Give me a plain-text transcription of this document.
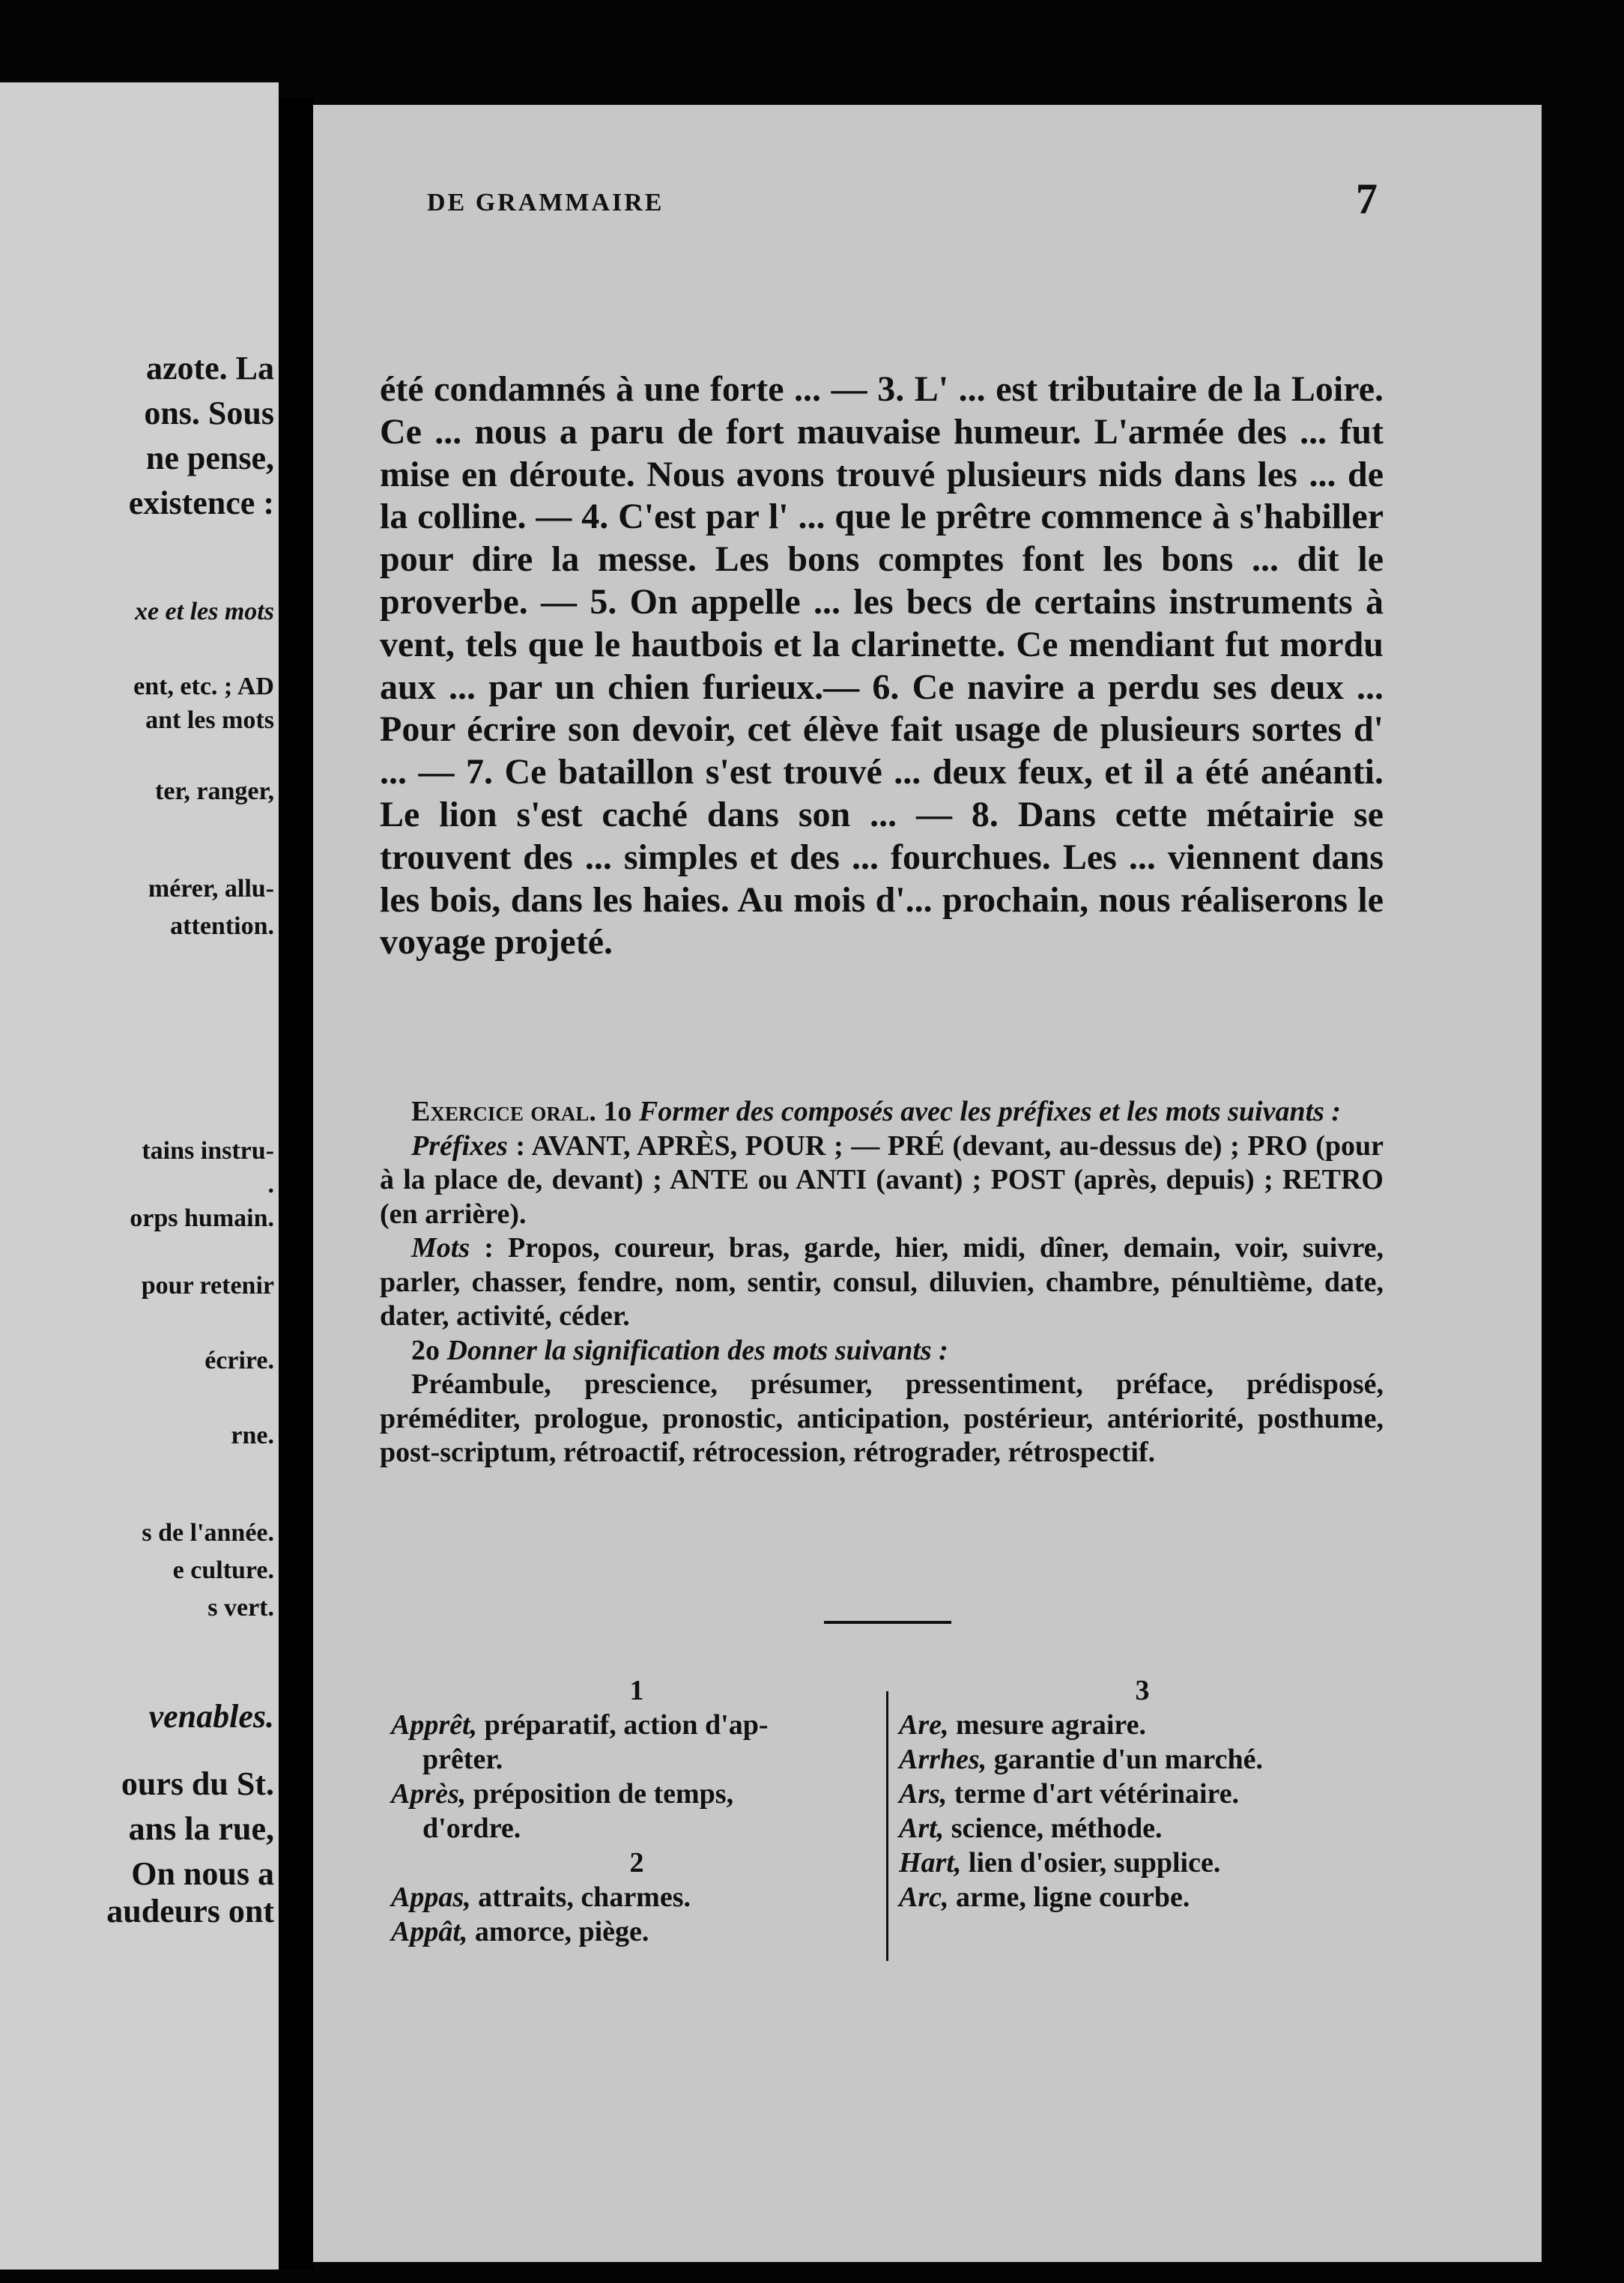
azote. La
ons. Sous
ne pense,
existence :
xe et les mots
ent, etc. ; AD
ant les mots
ter, ranger,
mérer, allu-
attention.
tains instru-
.
orps humain.
pour retenir
écrire.
rne.
s de l'année.
e culture.
s vert.
venables.
ours du St.
ans la rue,
On nous a
audeurs ont
DE GRAMMAIRE	7

été condamnés à une forte ... — 3. L' ... est tributaire de la Loire. Ce ... nous a paru de fort mauvaise humeur. L'armée des ... fut mise en déroute. Nous avons trouvé plusieurs nids dans les ... de la colline. — 4. C'est par l' ... que le prêtre commence à s'habiller pour dire la messe. Les bons comptes font les bons ... dit le proverbe. — 5. On appelle ... les becs de certains instruments à vent, tels que le hautbois et la clarinette. Ce mendiant fut mordu aux ... par un chien furieux.— 6. Ce navire a perdu ses deux ... Pour écrire son devoir, cet élève fait usage de plusieurs sortes d' ... — 7. Ce bataillon s'est trouvé ... deux feux, et il a été anéanti. Le lion s'est caché dans son ... — 8. Dans cette métairie se trouvent des ... simples et des ... fourchues. Les ... viennent dans les bois, dans les haies. Au mois d'... prochain, nous réaliserons le voyage projeté.

Exercice oral. 1o Former des composés avec les préfixes et les mots suivants :

Préfixes : AVANT, APRÈS, POUR ; — PRÉ (devant, au-dessus de) ; PRO (pour à la place de, devant) ; ANTE ou ANTI (avant) ; POST (après, depuis) ; RETRO (en arrière).

Mots : Propos, coureur, bras, garde, hier, midi, dîner, demain, voir, suivre, parler, chasser, fendre, nom, sentir, consul, diluvien, chambre, pénultième, date, dater, activité, céder.

2o Donner la signification des mots suivants :

Préambule, prescience, présumer, pressentiment, préface, prédisposé, préméditer, prologue, pronostic, anticipation, postérieur, antériorité, posthume, post-scriptum, rétroactif, rétrocession, rétrograder, rétrospectif.

1
Apprêt, préparatif, action d'ap-
prêter.
Après, préposition de temps,
d'ordre.
2
Appas, attraits, charmes.
Appât, amorce, piège.
3
Are, mesure agraire.
Arrhes, garantie d'un marché.
Ars, terme d'art vétérinaire.
Art, science, méthode.
Hart, lien d'osier, supplice.
Arc, arme, ligne courbe.
